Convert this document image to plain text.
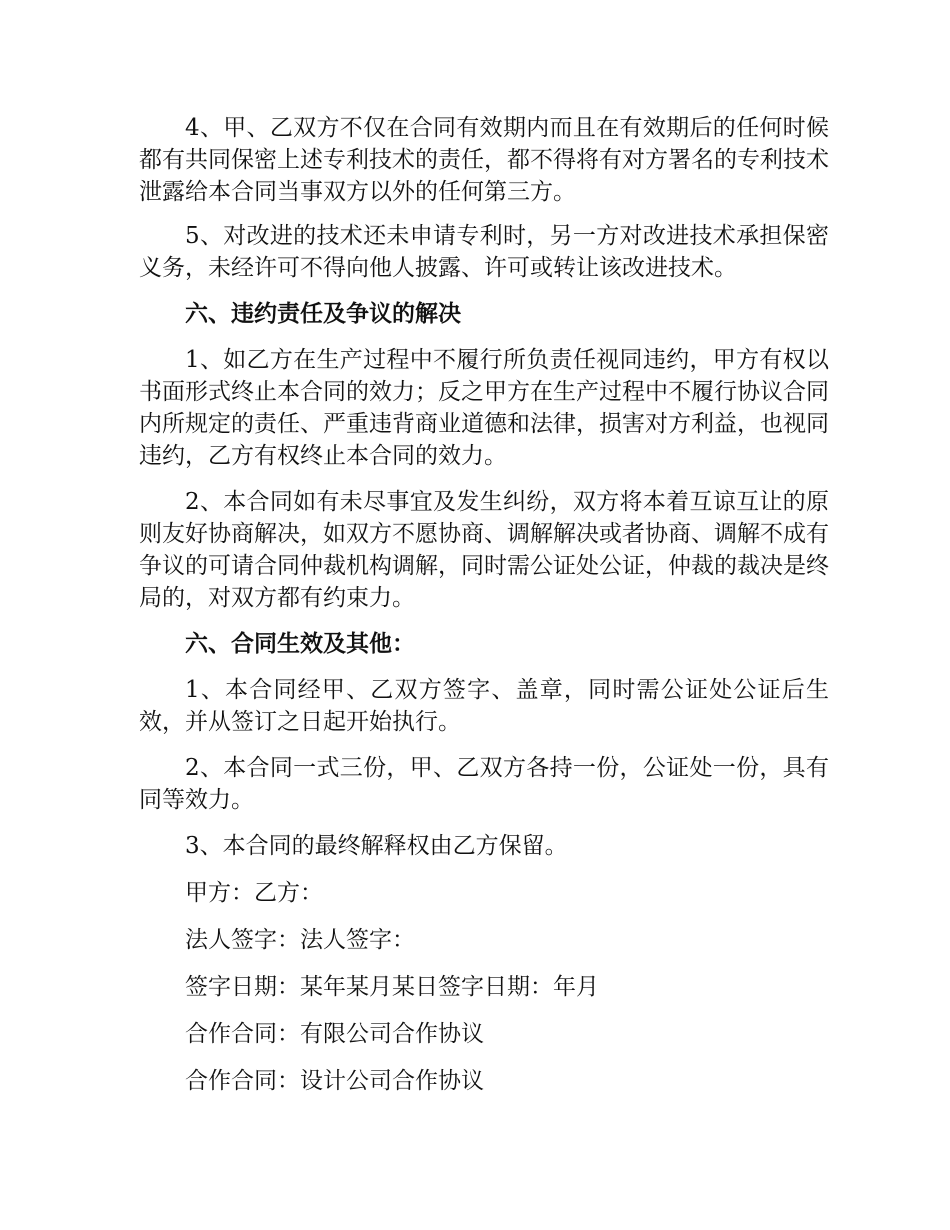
4、甲、乙双方不仅在合同有效期内而且在有效期后的任何时候都有共同保密上述专利技术的责任，都不得将有对方署名的专利技术泄露给本合同当事双方以外的任何第三方。

5、对改进的技术还未申请专利时，另一方对改进技术承担保密义务，未经许可不得向他人披露、许可或转让该改进技术。

六、违约责任及争议的解决

1、如乙方在生产过程中不履行所负责任视同违约，甲方有权以书面形式终止本合同的效力；反之甲方在生产过程中不履行协议合同内所规定的责任、严重违背商业道德和法律，损害对方利益，也视同违约，乙方有权终止本合同的效力。

2、本合同如有未尽事宜及发生纠纷，双方将本着互谅互让的原则友好协商解决，如双方不愿协商、调解解决或者协商、调解不成有争议的可请合同仲裁机构调解，同时需公证处公证，仲裁的裁决是终局的，对双方都有约束力。

六、合同生效及其他：

1、本合同经甲、乙双方签字、盖章，同时需公证处公证后生效，并从签订之日起开始执行。

2、本合同一式三份，甲、乙双方各持一份，公证处一份，具有同等效力。

3、本合同的最终解释权由乙方保留。

甲方：乙方：

法人签字：法人签字：

签字日期：某年某月某日签字日期：年月

合作合同：有限公司合作协议

合作合同：设计公司合作协议
